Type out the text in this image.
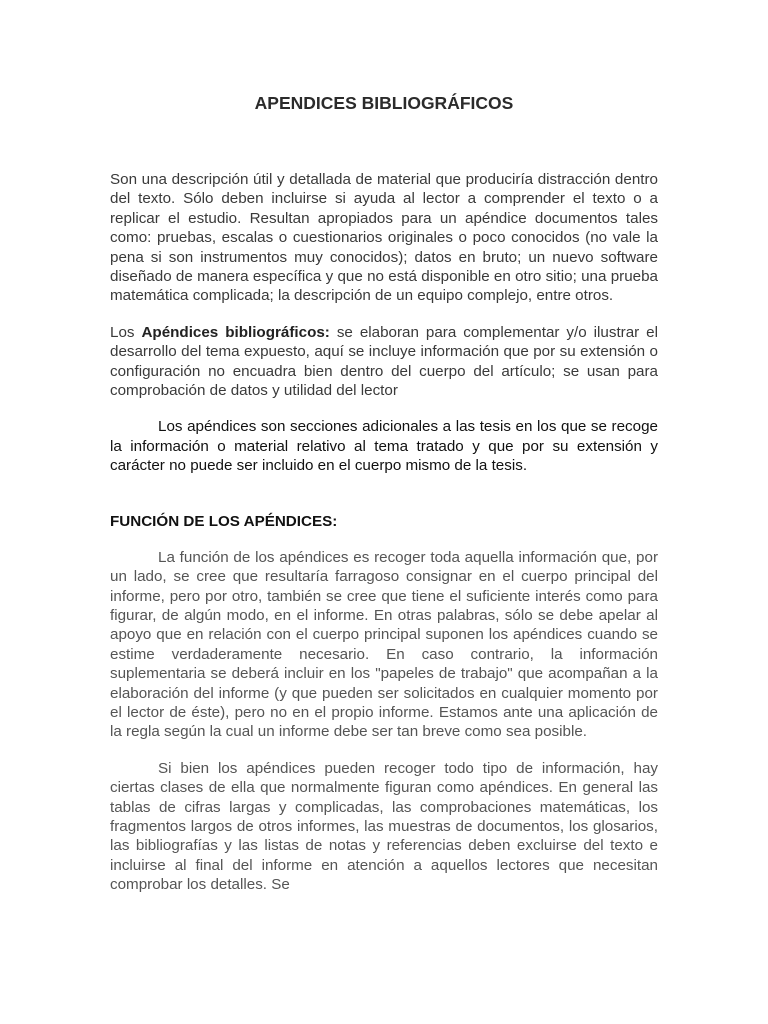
APENDICES BIBLIOGRÁFICOS

Son una descripción útil y detallada de material que produciría distracción dentro del texto. Sólo deben incluirse si ayuda al lector a comprender el texto o a replicar el estudio. Resultan apropiados para un apéndice documentos tales como: pruebas, escalas o cuestionarios originales o poco conocidos (no vale la pena si son instrumentos muy conocidos); datos en bruto; un nuevo software diseñado de manera específica y que no está disponible en otro sitio; una prueba matemática complicada; la descripción de un equipo complejo, entre otros.

Los Apéndices bibliográficos: se elaboran para complementar y/o ilustrar el desarrollo del tema expuesto, aquí se incluye información que por su extensión o configuración no encuadra bien dentro del cuerpo del artículo; se usan para comprobación de datos y utilidad del lector

Los apéndices son secciones adicionales a las tesis en los que se recoge la información o material relativo al tema tratado y que por su extensión y carácter no puede ser incluido en el cuerpo mismo de la tesis.

FUNCIÓN DE LOS APÉNDICES:

La función de los apéndices es recoger toda aquella información que, por un lado, se cree que resultaría farragoso consignar en el cuerpo principal del informe, pero por otro, también se cree que tiene el suficiente interés como para figurar, de algún modo, en el informe. En otras palabras, sólo se debe apelar al apoyo que en relación con el cuerpo principal suponen los apéndices cuando se estime verdaderamente necesario. En caso contrario, la información suplementaria se deberá incluir en los "papeles de trabajo" que acompañan a la elaboración del informe (y que pueden ser solicitados en cualquier momento por el lector de éste), pero no en el propio informe. Estamos ante una aplicación de la regla según la cual un informe debe ser tan breve como sea posible.

Si bien los apéndices pueden recoger todo tipo de información, hay ciertas clases de ella que normalmente figuran como apéndices. En general las tablas de cifras largas y complicadas, las comprobaciones matemáticas, los fragmentos largos de otros informes, las muestras de documentos, los glosarios, las bibliografías y las listas de notas y referencias deben excluirse del texto e incluirse al final del informe en atención a aquellos lectores que necesitan comprobar los detalles. Se
